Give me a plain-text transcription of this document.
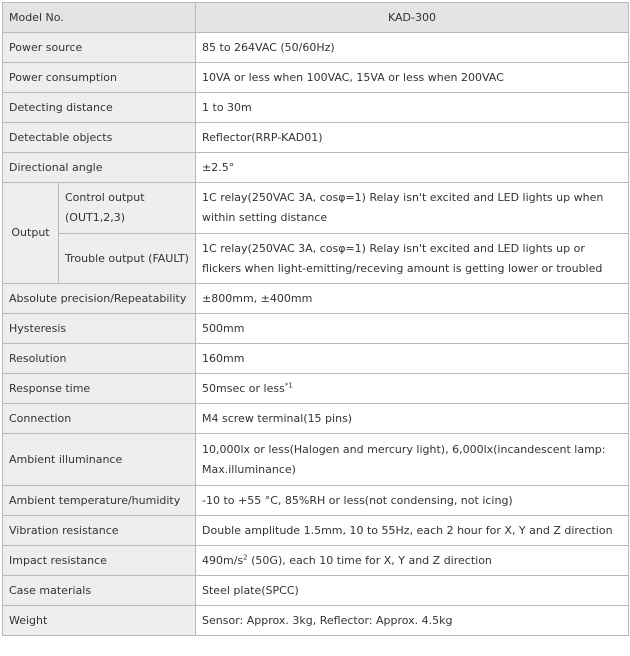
Model No.		KAD-300
Power source		85 to 264VAC (50/60Hz)
Power consumption		10VA or less when 100VAC, 15VA or less when 200VAC
Detecting distance		1 to 30m
Detectable objects		Reflector(RRP-KAD01)
Directional angle		±2.5°
Output	Control output (OUT1,2,3)	1C relay(250VAC 3A, cosφ=1) Relay isn't excited and LED lights up when within setting distance
	Trouble output (FAULT)	1C relay(250VAC 3A, cosφ=1) Relay isn't excited and LED lights up or flickers when light-emitting/receving amount is getting lower or troubled
Absolute precision/Repeatability		±800mm, ±400mm
Hysteresis		500mm
Resolution		160mm
Response time		50msec or less$^{*1}$
Connection		M4 screw terminal(15 pins)
Ambient illuminance		10,000lx or less(Halogen and mercury light), 6,000lx(incandescent lamp: Max.illuminance)
Ambient temperature/humidity		-10 to +55 °C, 85%RH or less(not condensing, not icing)
Vibration resistance		Double amplitude 1.5mm, 10 to 55Hz, each 2 hour for X, Y and Z direction
Impact resistance		$490m/s^2$ (50G), each 10 time for X, Y and Z direction
Case materials		Steel plate(SPCC)
Weight		Sensor: Approx. 3kg, Reflector: Approx. 4.5kg
